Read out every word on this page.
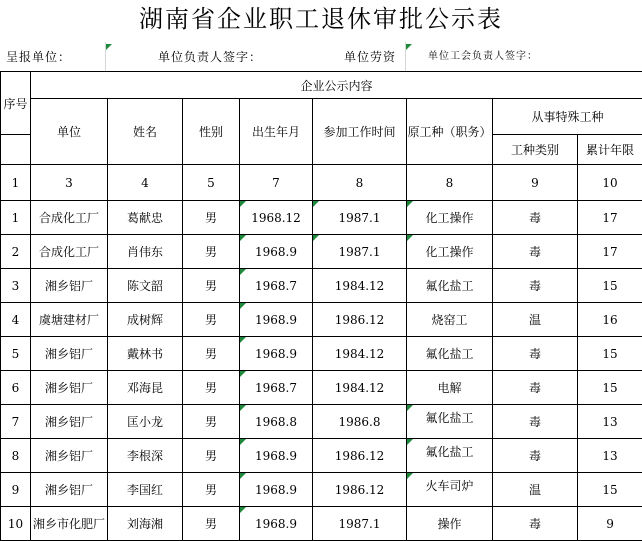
湖南省企业职工退休审批公示表
呈报单位：	单位负责人签字：	单位劳资	单位工会负责人签字：
序号	企业公示内容							
	单位	姓名	性别	出生年月	参加工作时间	原工种（职务）	从事特殊工种	
							工种类别	累计年限
1	3	4	5	7	8	8	9	10
1	合成化工厂	葛献忠	男	1968.12	1987.1	化工操作	毒	17
2	合成化工厂	肖伟东	男	1968.9	1987.1	化工操作	毒	17
3	湘乡铝厂	陈文韶	男	1968.7	1984.12	氟化盐工	毒	15
4	虞塘建材厂	成树辉	男	1968.9	1986.12	烧窑工	温	16
5	湘乡铝厂	戴林书	男	1968.9	1984.12	氟化盐工	毒	15
6	湘乡铝厂	邓海昆	男	1968.7	1984.12	电解	毒	15
7	湘乡铝厂	匡小龙	男	1968.8	1986.8	氟化盐工	毒	13
8	湘乡铝厂	李根深	男	1968.9	1986.12	氟化盐工	毒	13
9	湘乡铝厂	李国红	男	1968.9	1986.12	火车司炉	温	15
10	湘乡市化肥厂	刘海湘	男	1968.9	1987.1	操作	毒	9
